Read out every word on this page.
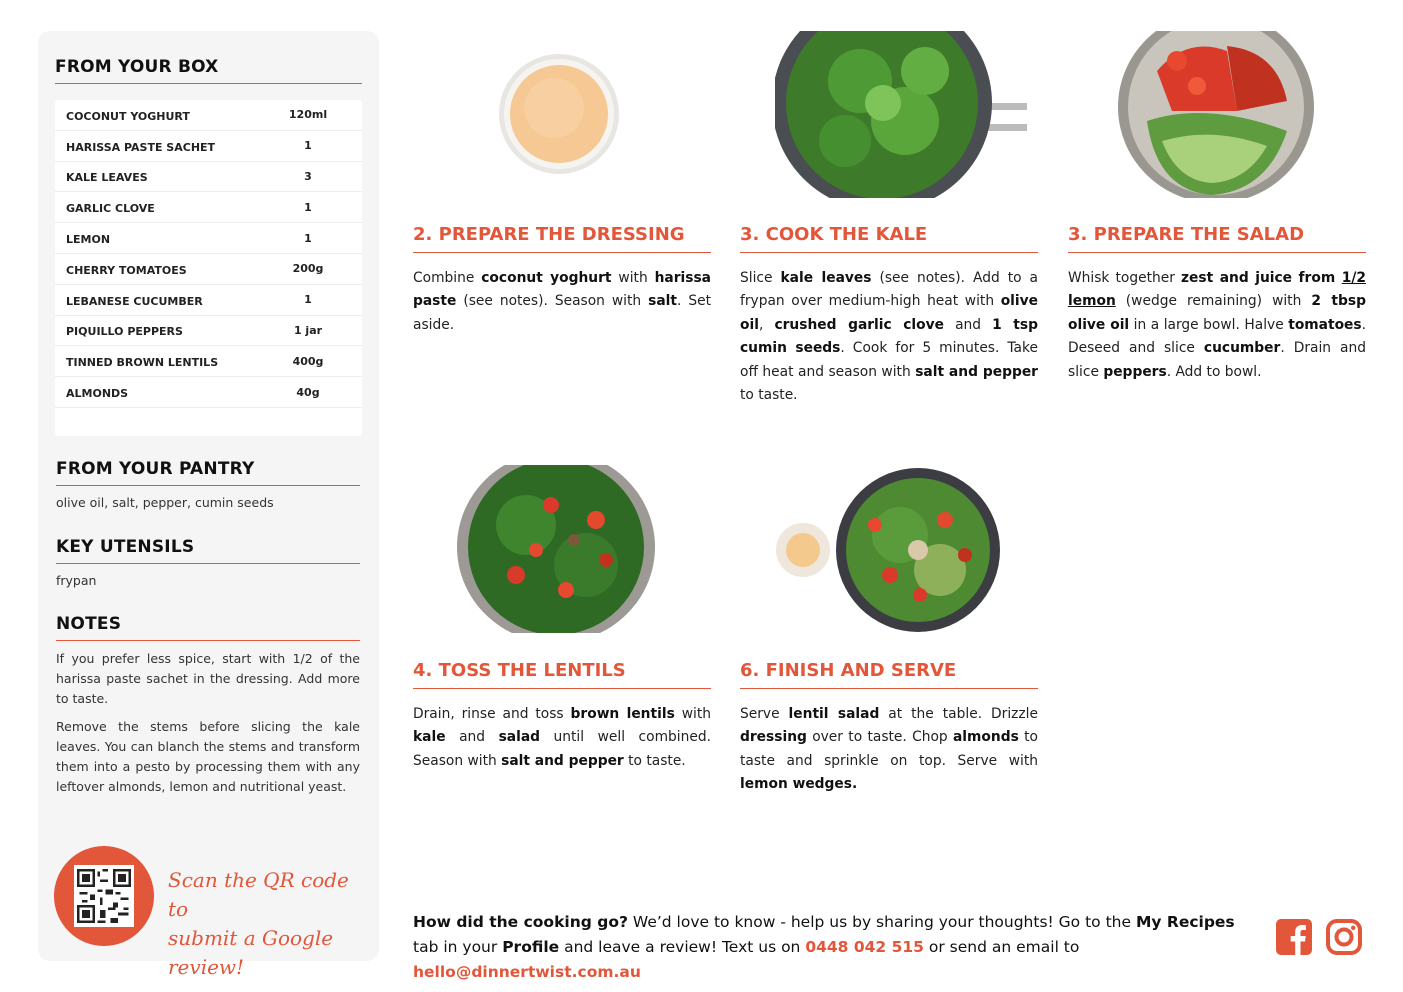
FROM YOUR BOX
COCONUT YOGHURT	120ml
HARISSA PASTE SACHET	1
KALE LEAVES	3
GARLIC CLOVE	1
LEMON	1
CHERRY TOMATOES	200g
LEBANESE CUCUMBER	1
PIQUILLO PEPPERS	1 jar
TINNED BROWN LENTILS	400g
ALMONDS	40g
FROM YOUR PANTRY
olive oil, salt, pepper, cumin seeds
KEY UTENSILS
frypan
NOTES

If you prefer less spice, start with 1/2 of the harissa paste sachet in the dressing. Add more to taste.

Remove the stems before slicing the kale leaves. You can blanch the stems and transform them into a pesto by processing them with any leftover almonds, lemon and nutritional yeast.

Scan the QR code to
submit a Google review!
2. PREPARE THE DRESSING
Combine coconut yoghurt with harissa paste (see notes). Season with salt. Set aside.
3. COOK THE KALE
Slice kale leaves (see notes). Add to a frypan over medium-high heat with olive oil, crushed garlic clove and 1 tsp cumin seeds. Cook for 5 minutes. Take off heat and season with salt and pepper to taste.
3. PREPARE THE SALAD
Whisk together zest and juice from 1/2 lemon (wedge remaining) with 2 tbsp olive oil in a large bowl. Halve tomatoes. Deseed and slice cucumber. Drain and slice peppers. Add to bowl.
4. TOSS THE LENTILS
Drain, rinse and toss brown lentils with kale and salad until well combined. Season with salt and pepper to taste.
6. FINISH AND SERVE
Serve lentil salad at the table. Drizzle dressing over to taste. Chop almonds to taste and sprinkle on top. Serve with lemon wedges.
How did the cooking go? We’d love to know - help us by sharing your thoughts! Go to the My Recipes tab in your Profile and leave a review! Text us on 0448 042 515 or send an email to hello@dinnertwist.com.au
